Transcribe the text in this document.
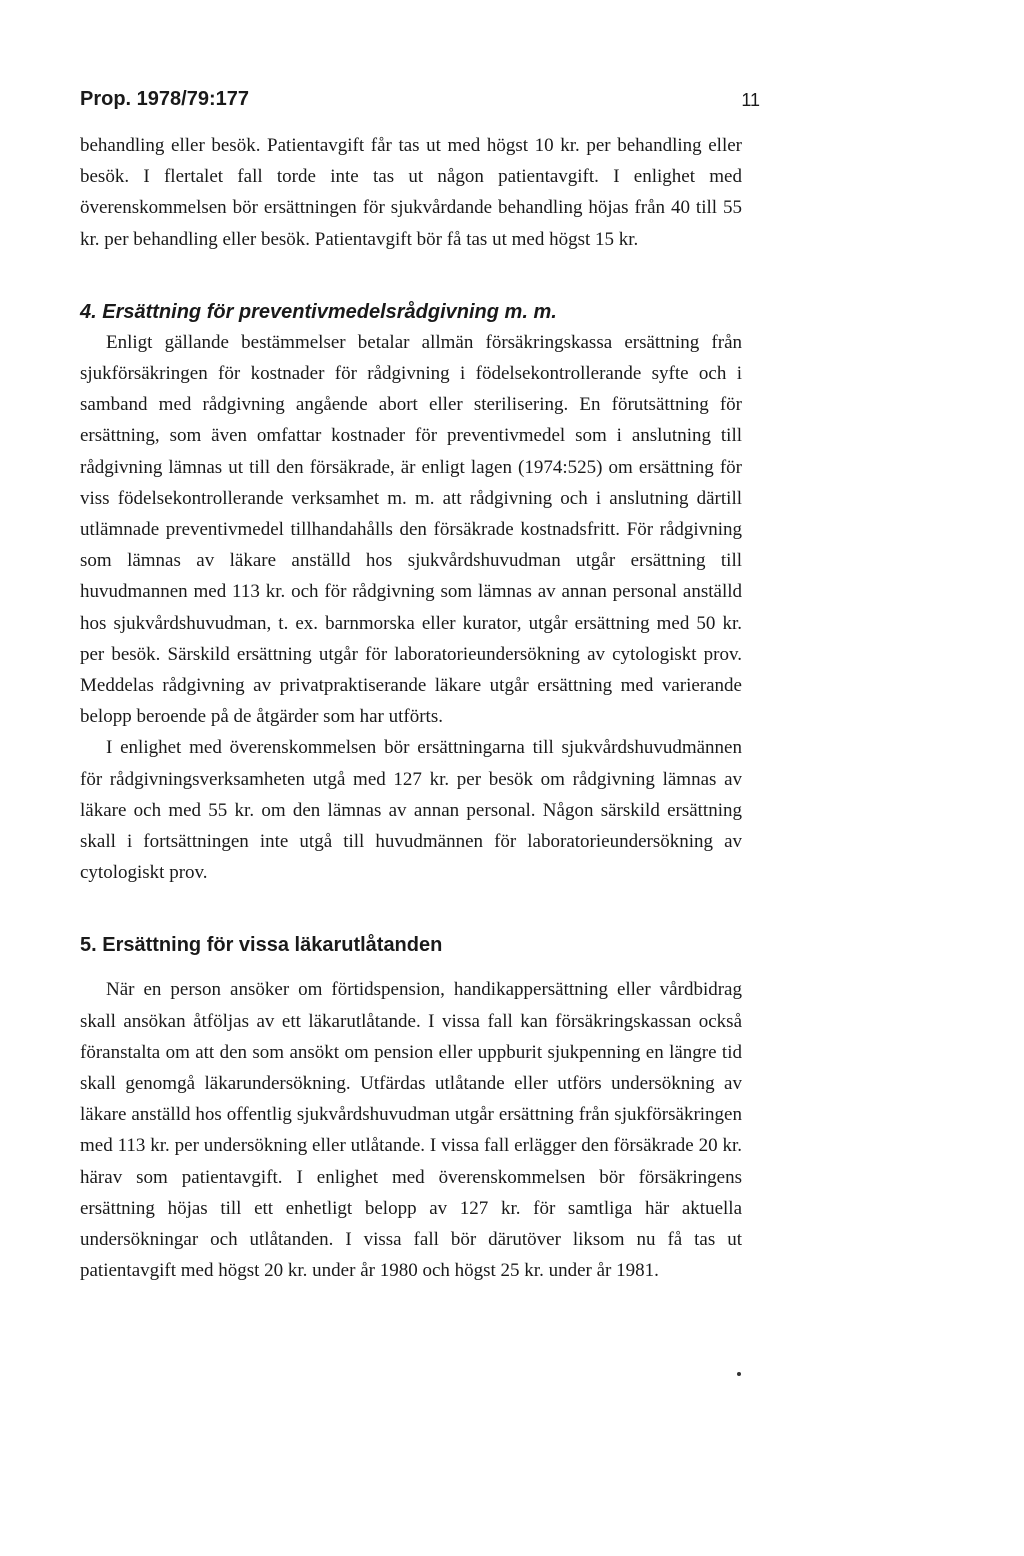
Prop. 1978/79:177	11

behandling eller besök. Patientavgift får tas ut med högst 10 kr. per behandling eller besök. I flertalet fall torde inte tas ut någon patientavgift. I enlighet med överenskommelsen bör ersättningen för sjukvårdande behandling höjas från 40 till 55 kr. per behandling eller besök. Patientavgift bör få tas ut med högst 15 kr.

4. Ersättning för preventivmedelsrådgivning m. m.

Enligt gällande bestämmelser betalar allmän försäkringskassa ersättning från sjukförsäkringen för kostnader för rådgivning i födelsekontrollerande syfte och i samband med rådgivning angående abort eller sterilisering. En förutsättning för ersättning, som även omfattar kostnader för preventivmedel som i anslutning till rådgivning lämnas ut till den försäkrade, är enligt lagen (1974:525) om ersättning för viss födelsekontrollerande verksamhet m. m. att rådgivning och i anslutning därtill utlämnade preventivmedel tillhandahålls den försäkrade kostnadsfritt. För rådgivning som lämnas av läkare anställd hos sjukvårdshuvudman utgår ersättning till huvudmannen med 113 kr. och för rådgivning som lämnas av annan personal anställd hos sjukvårdshuvudman, t. ex. barnmorska eller kurator, utgår ersättning med 50 kr. per besök. Särskild ersättning utgår för laboratorieundersökning av cytologiskt prov. Meddelas rådgivning av privatpraktiserande läkare utgår ersättning med varierande belopp beroende på de åtgärder som har utförts.

I enlighet med överenskommelsen bör ersättningarna till sjukvårdshuvudmännen för rådgivningsverksamheten utgå med 127 kr. per besök om rådgivning lämnas av läkare och med 55 kr. om den lämnas av annan personal. Någon särskild ersättning skall i fortsättningen inte utgå till huvudmännen för laboratorieundersökning av cytologiskt prov.

5. Ersättning för vissa läkarutlåtanden

När en person ansöker om förtidspension, handikappersättning eller vårdbidrag skall ansökan åtföljas av ett läkarutlåtande. I vissa fall kan försäkringskassan också föranstalta om att den som ansökt om pension eller uppburit sjukpenning en längre tid skall genomgå läkarundersökning. Utfärdas utlåtande eller utförs undersökning av läkare anställd hos offentlig sjukvårdshuvudman utgår ersättning från sjukförsäkringen med 113 kr. per undersökning eller utlåtande. I vissa fall erlägger den försäkrade 20 kr. härav som patientavgift. I enlighet med överenskommelsen bör försäkringens ersättning höjas till ett enhetligt belopp av 127 kr. för samtliga här aktuella undersökningar och utlåtanden. I vissa fall bör därutöver liksom nu få tas ut patientavgift med högst 20 kr. under år 1980 och högst 25 kr. under år 1981.
